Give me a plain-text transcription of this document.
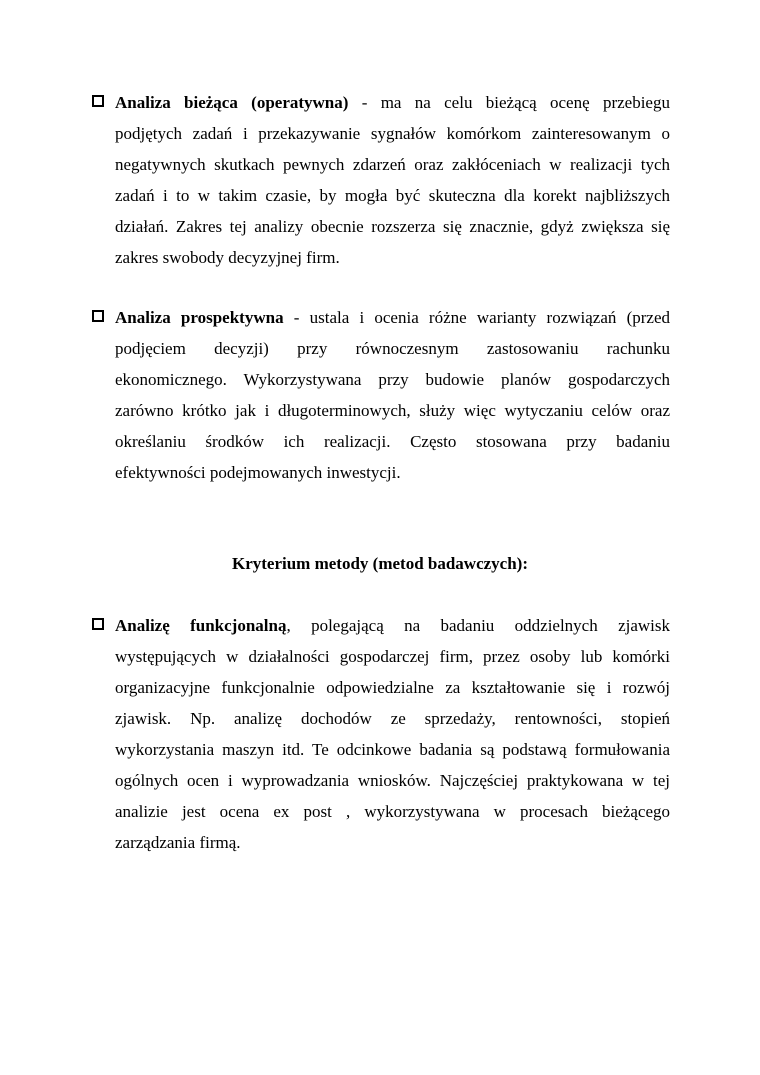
Analiza bieżąca (operatywna) - ma na celu bieżącą ocenę przebiegu
podjętych zadań i przekazywanie sygnałów komórkom zainteresowanym o
negatywnych skutkach pewnych zdarzeń oraz zakłóceniach w realizacji tych
zadań i to w takim czasie, by mogła być skuteczna dla korekt najbliższych
działań. Zakres tej analizy obecnie rozszerza się znacznie, gdyż zwiększa się
zakres swobody decyzyjnej firm.
Analiza prospektywna - ustala i ocenia różne warianty rozwiązań (przed
podjęciem decyzji) przy równoczesnym zastosowaniu rachunku
ekonomicznego. Wykorzystywana przy budowie planów gospodarczych
zarówno krótko jak i długoterminowych, służy więc wytyczaniu celów oraz
określaniu środków ich realizacji. Często stosowana przy badaniu
efektywności podejmowanych inwestycji.
Kryterium metody (metod badawczych):
Analizę funkcjonalną, polegającą na badaniu oddzielnych zjawisk
występujących w działalności gospodarczej firm, przez osoby lub komórki
organizacyjne funkcjonalnie odpowiedzialne za kształtowanie się i rozwój
zjawisk. Np. analizę dochodów ze sprzedaży, rentowności, stopień
wykorzystania maszyn itd. Te odcinkowe badania są podstawą formułowania
ogólnych ocen i wyprowadzania wniosków. Najczęściej praktykowana w tej
analizie jest ocena ex post , wykorzystywana w procesach bieżącego
zarządzania firmą.
